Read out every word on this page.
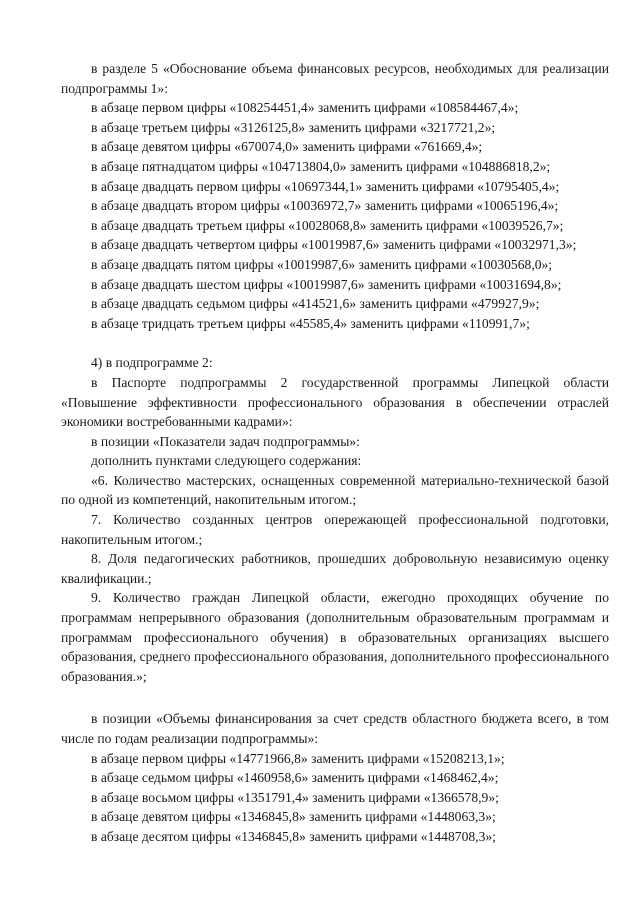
в разделе 5 «Обоснование объема финансовых ресурсов, необходимых для реализации подпрограммы 1»:

в абзаце первом цифры «108254451,4» заменить цифрами «108584467,4»;

в абзаце третьем цифры «3126125,8» заменить цифрами «3217721,2»;

в абзаце девятом цифры «670074,0» заменить цифрами «761669,4»;

в абзаце пятнадцатом цифры «104713804,0» заменить цифрами «104886818,2»;

в абзаце двадцать первом цифры «10697344,1» заменить цифрами «10795405,4»;

в абзаце двадцать втором цифры «10036972,7» заменить цифрами «10065196,4»;

в абзаце двадцать третьем цифры «10028068,8» заменить цифрами «10039526,7»;

в абзаце двадцать четвертом цифры «10019987,6» заменить цифрами «10032971,3»;

в абзаце двадцать пятом цифры «10019987,6» заменить цифрами «10030568,0»;

в абзаце двадцать шестом цифры «10019987,6» заменить цифрами «10031694,8»;

в абзаце двадцать седьмом цифры «414521,6» заменить цифрами «479927,9»;

в абзаце тридцать третьем цифры «45585,4» заменить цифрами «110991,7»;

4) в подпрограмме 2:

в Паспорте подпрограммы 2 государственной программы Липецкой области «Повышение эффективности профессионального образования в обеспечении отраслей экономики востребованными кадрами»:

в позиции «Показатели задач подпрограммы»:

дополнить пунктами следующего содержания:

«6. Количество мастерских, оснащенных современной материально-технической базой по одной из компетенций, накопительным итогом.;

7. Количество созданных центров опережающей профессиональной подготовки, накопительным итогом.;

8. Доля педагогических работников, прошедших добровольную независимую оценку квалификации.;

9. Количество граждан Липецкой области, ежегодно проходящих обучение по программам непрерывного образования (дополнительным образовательным программам и программам профессионального обучения) в образовательных организациях высшего образования, среднего профессионального образования, дополнительного профессионального образования.»;

в позиции «Объемы финансирования за счет средств областного бюджета всего, в том числе по годам реализации подпрограммы»:

в абзаце первом цифры «14771966,8» заменить цифрами «15208213,1»;

в абзаце седьмом цифры «1460958,6» заменить цифрами «1468462,4»;

в абзаце восьмом цифры «1351791,4» заменить цифрами «1366578,9»;

в абзаце девятом цифры «1346845,8» заменить цифрами «1448063,3»;

в абзаце десятом цифры «1346845,8» заменить цифрами «1448708,3»;
